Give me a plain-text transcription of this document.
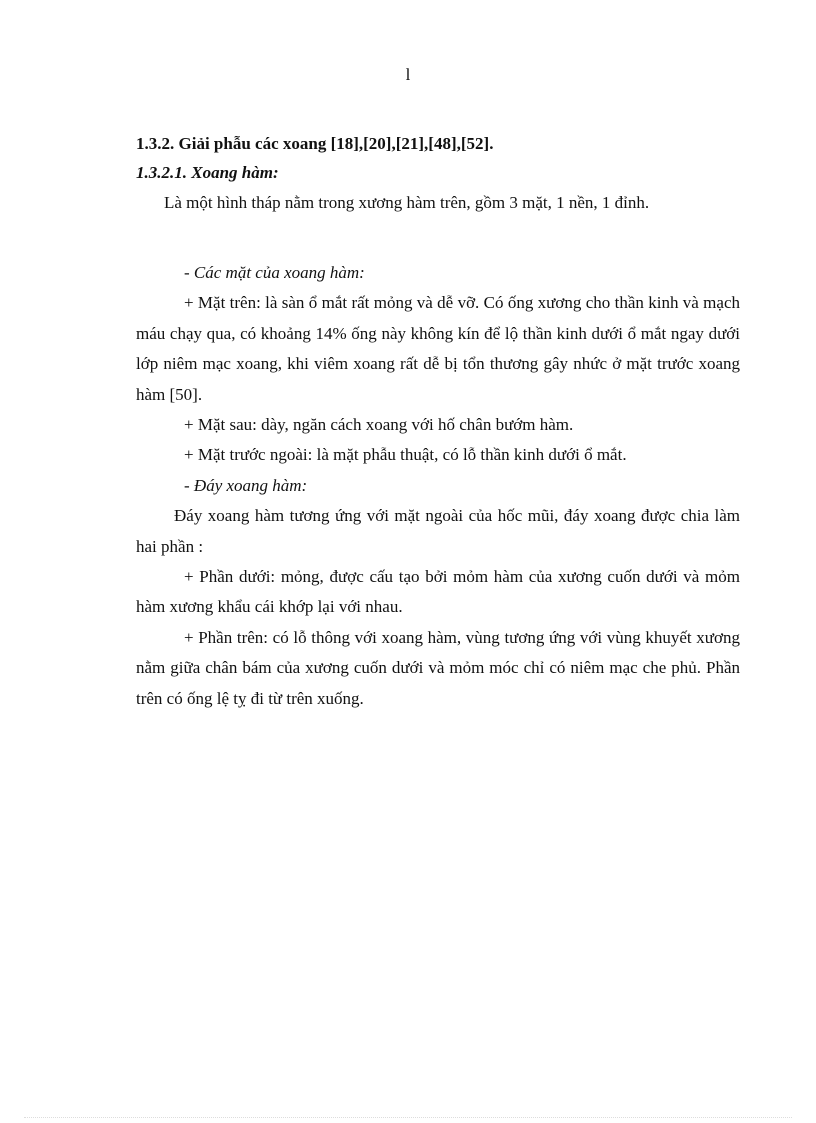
l
1.3.2. Giải phẫu các xoang [18],[20],[21],[48],[52].
1.3.2.1. Xoang hàm:

Là một hình tháp nằm trong xương hàm trên, gồm 3 mặt, 1 nền, 1 đỉnh.

- Các mặt của xoang hàm:

+ Mặt trên: là sàn ổ mắt rất mỏng và dễ vỡ. Có ống xương cho thần kinh và mạch máu chạy qua, có khoảng 14% ống này không kín để lộ thần kinh dưới ổ mắt ngay dưới lớp niêm mạc xoang, khi viêm xoang rất dễ bị tổn thương gây nhức ở mặt trước xoang hàm [50].

+ Mặt sau: dày, ngăn cách xoang với hố chân bướm hàm.

+ Mặt trước ngoài: là mặt phẫu thuật, có lỗ thần kinh dưới ổ mắt.

- Đáy xoang hàm:

Đáy xoang hàm tương ứng với mặt ngoài của hốc mũi, đáy xoang được chia làm hai phần :

+ Phần dưới: mỏng, được cấu tạo bởi mỏm hàm của xương cuốn dưới và mỏm hàm xương khẩu cái khớp lại với nhau.

+ Phần trên: có lỗ thông với xoang hàm, vùng tương ứng với vùng khuyết xương nằm giữa chân bám của xương cuốn dưới và mỏm móc chỉ có niêm mạc che phủ. Phần trên có ống lệ tỵ đi từ trên xuống.
